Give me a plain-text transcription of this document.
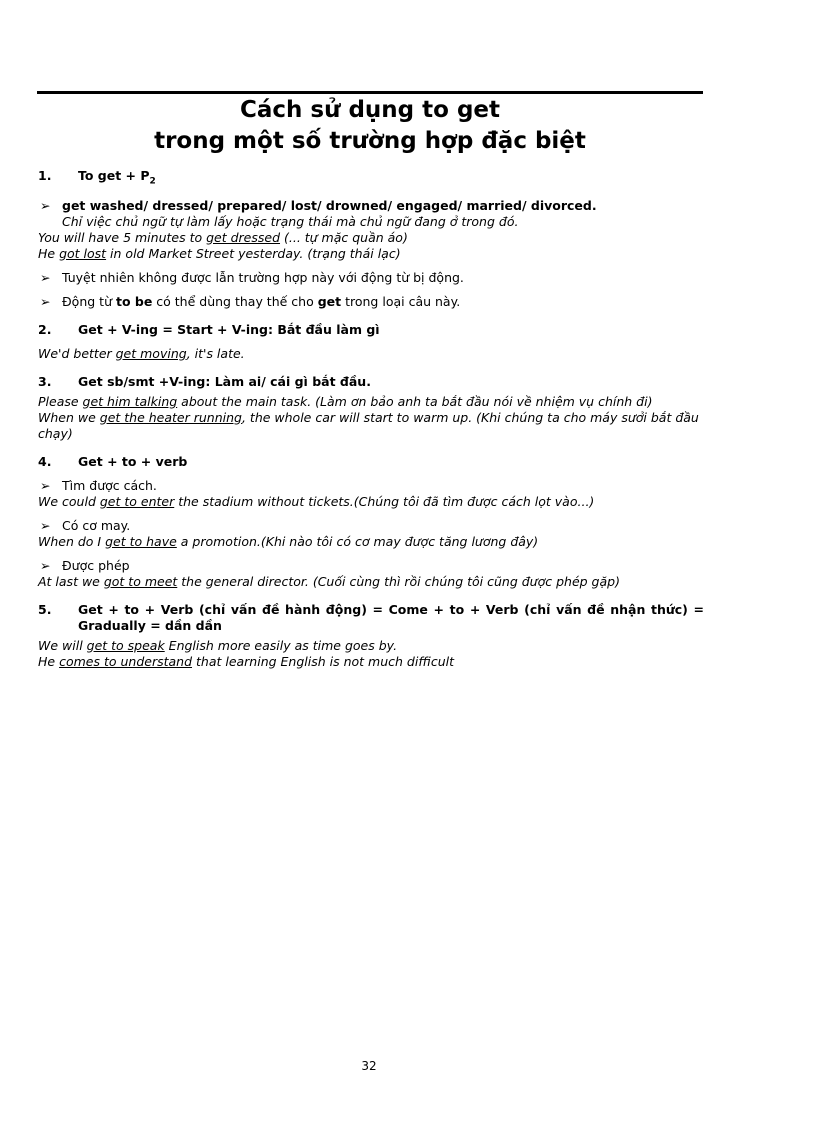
Cách sử dụng to get
trong một số trường hợp đặc biệt
1.	To get + $P_2$
➢ get washed/ dressed/ prepared/ lost/ drowned/ engaged/ married/ divorced.
Chỉ việc chủ ngữ tự làm lấy hoặc trạng thái mà chủ ngữ đang ở trong đó.
You will have 5 minutes to get dressed (... tự mặc quần áo)
He got lost in old Market Street yesterday. (trạng thái lạc)
➢ Tuyệt nhiên không được lẫn trường hợp này với động từ bị động.
➢ Động từ to be có thể dùng thay thế cho get trong loại câu này.
2.	Get + V-ing = Start + V-ing: Bắt đầu làm gì
We'd better get moving, it's late.
3.	Get sb/smt +V-ing: Làm ai/ cái gì bắt đầu.
Please get him talking about the main task. (Làm ơn bảo anh ta bắt đầu nói về nhiệm vụ chính đi)
When we get the heater running, the whole car will start to warm up. (Khi chúng ta cho máy sưởi bắt đầu chạy)
4.	Get + to + verb
➢ Tìm được cách.
We could get to enter the stadium without tickets.(Chúng tôi đã tìm được cách lọt vào...)
➢ Có cơ may.
When do I get to have a promotion.(Khi nào tôi có cơ may được tăng lương đây)
➢ Được phép
At last we got to meet the general director. (Cuối cùng thì rồi chúng tôi cũng được phép gặp)
5.	Get + to + Verb (chỉ vấn đề hành động) = Come + to + Verb (chỉ vấn đề nhận thức) = Gradually = dần dần
We will get to speak English more easily as time goes by.
He comes to understand that learning English is not much difficult
32
